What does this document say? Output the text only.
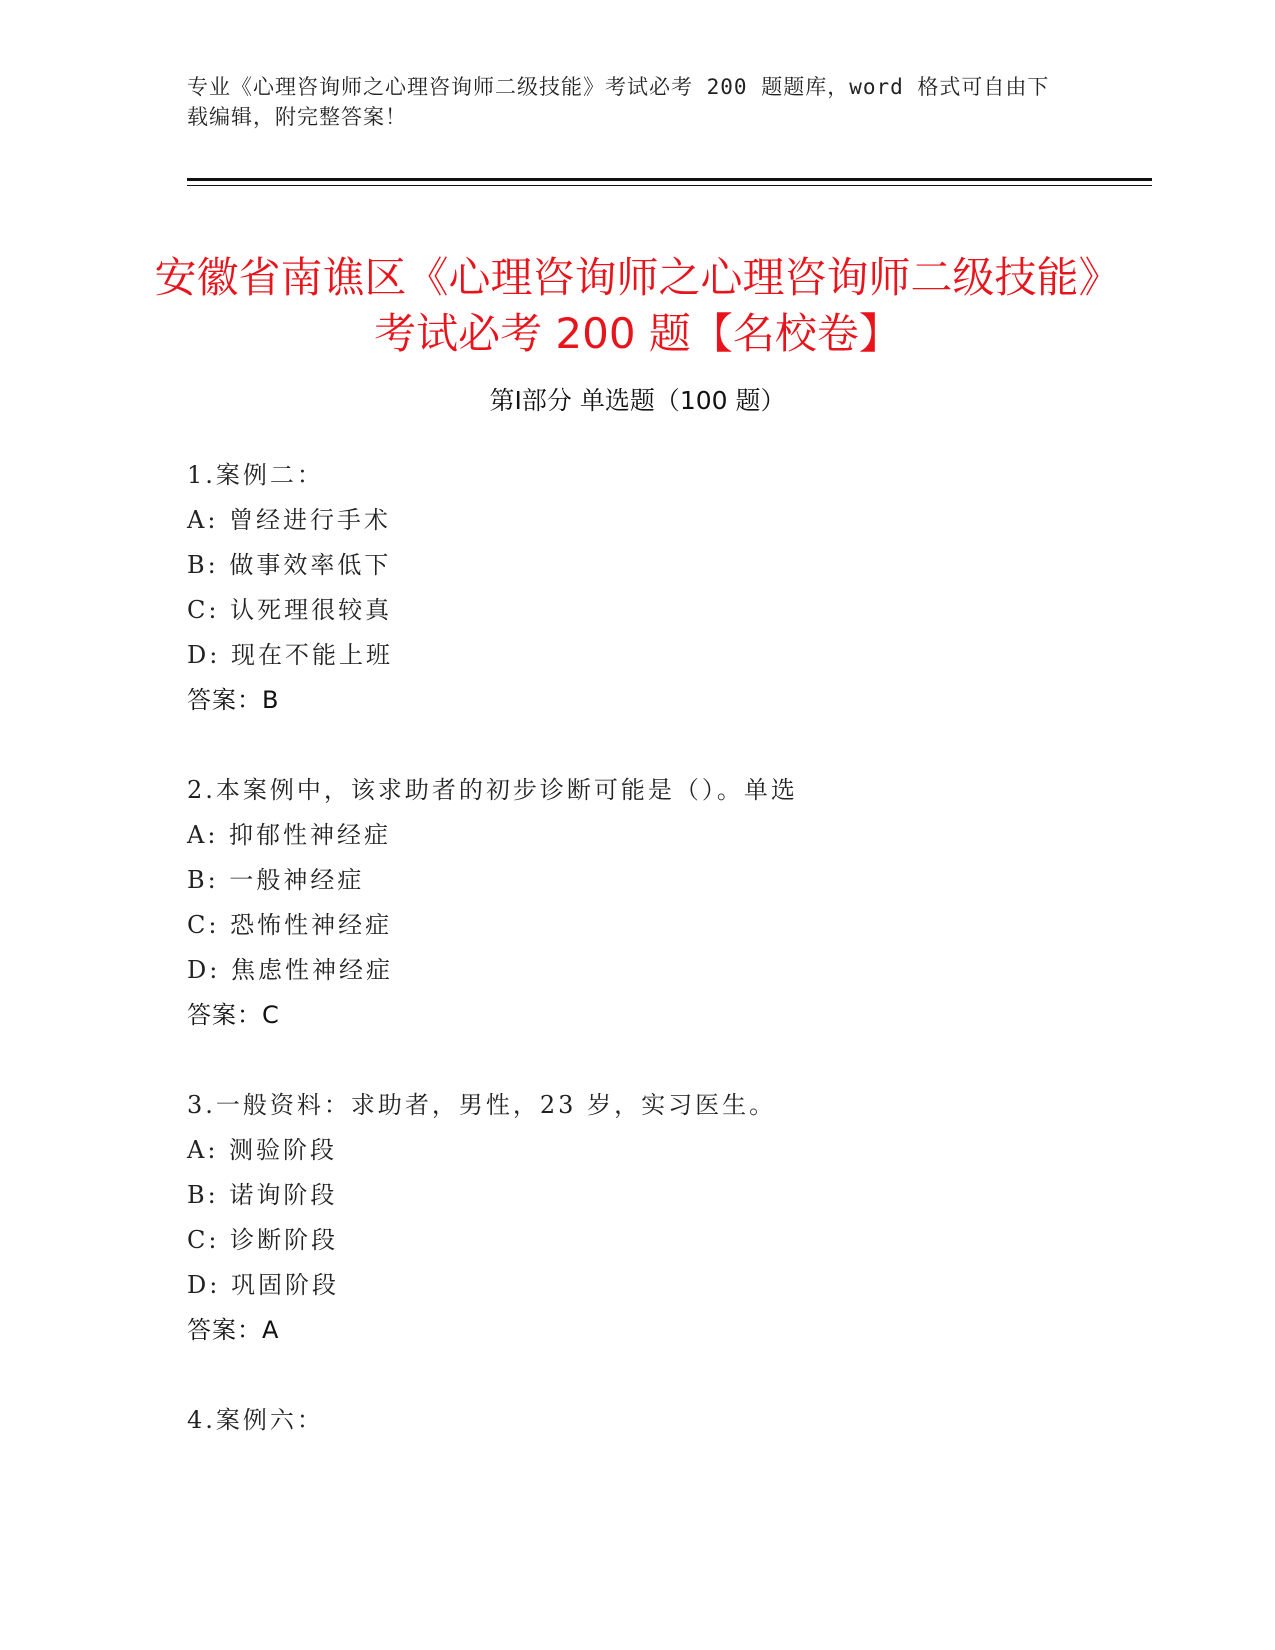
专业《心理咨询师之心理咨询师二级技能》考试必考 200 题题库，word 格式可自由下载编辑，附完整答案！
安徽省南谯区《心理咨询师之心理咨询师二级技能》考试必考 200 题【名校卷】
第Ⅰ部分 单选题（100 题）
1.案例二：
A: 曾经进行手术
B: 做事效率低下
C: 认死理很较真
D: 现在不能上班
答案：B
2.本案例中，该求助者的初步诊断可能是（）。单选
A: 抑郁性神经症
B: 一般神经症
C: 恐怖性神经症
D: 焦虑性神经症
答案：C
3.一般资料：求助者，男性，23 岁，实习医生。
A: 测验阶段
B: 诺询阶段
C: 诊断阶段
D: 巩固阶段
答案：A
4.案例六：
